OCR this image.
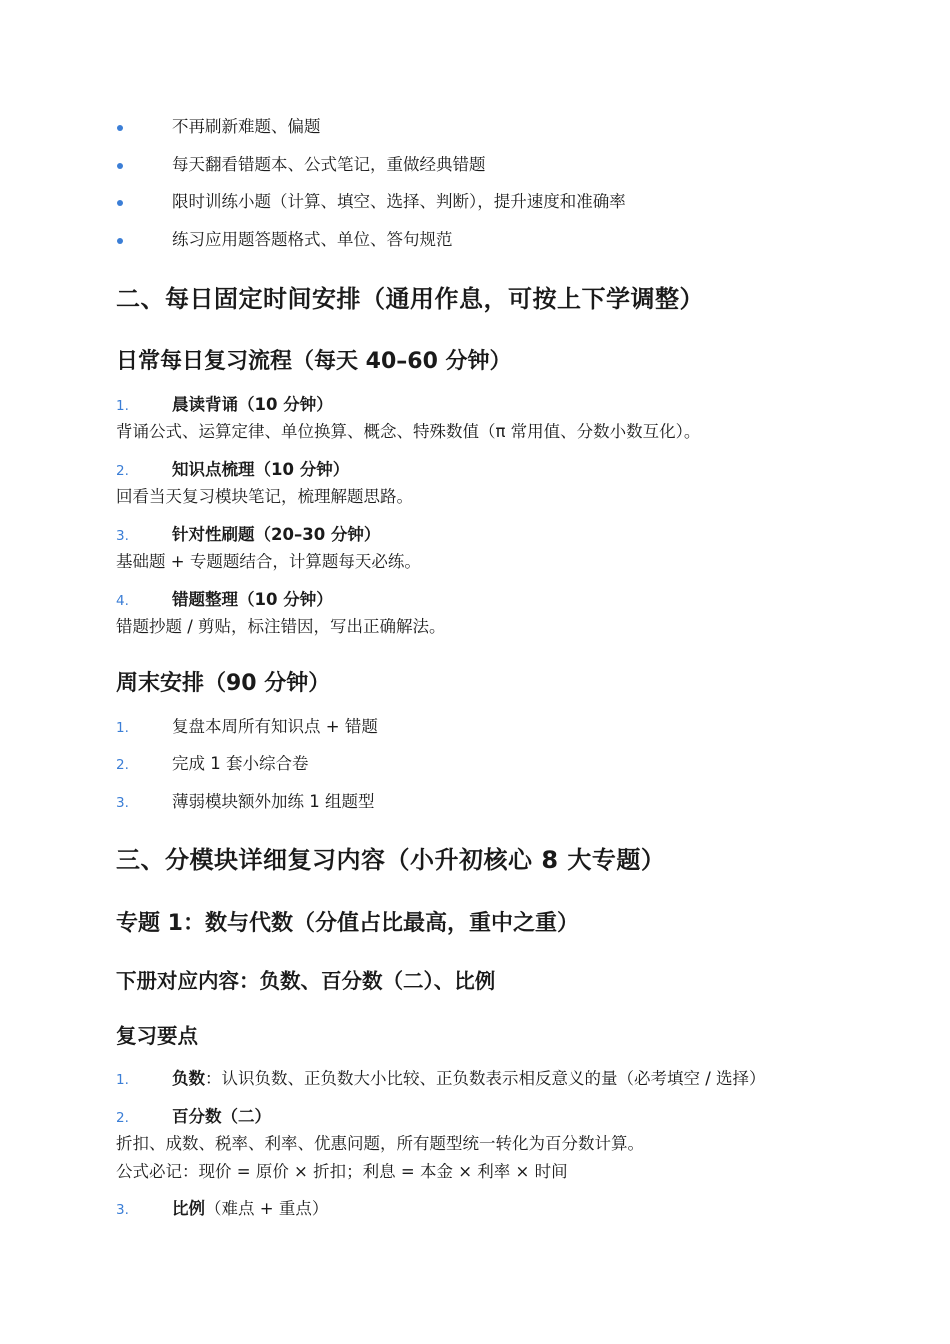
不再刷新难题、偏题
每天翻看错题本、公式笔记，重做经典错题
限时训练小题（计算、填空、选择、判断），提升速度和准确率
练习应用题答题格式、单位、答句规范
二、每日固定时间安排（通用作息，可按上下学调整）
日常每日复习流程（每天 40–60 分钟）
1.	晨读背诵（10 分钟）
背诵公式、运算定律、单位换算、概念、特殊数值（π 常用值、分数小数互化）。
2.	知识点梳理（10 分钟）
回看当天复习模块笔记，梳理解题思路。
3.	针对性刷题（20–30 分钟）
基础题 + 专题题结合，计算题每天必练。
4.	错题整理（10 分钟）
错题抄题 / 剪贴，标注错因，写出正确解法。
周末安排（90 分钟）
1.	复盘本周所有知识点 + 错题
2.	完成 1 套小综合卷
3.	薄弱模块额外加练 1 组题型
三、分模块详细复习内容（小升初核心 8 大专题）
专题 1：数与代数（分值占比最高，重中之重）
下册对应内容：负数、百分数（二）、比例
复习要点
1.	负数：认识负数、正负数大小比较、正负数表示相反意义的量（必考填空 / 选择）
2.	百分数（二）
折扣、成数、税率、利率、优惠问题，所有题型统一转化为百分数计算。
公式必记：现价 = 原价 × 折扣；利息 = 本金 × 利率 × 时间
3.	比例（难点 + 重点）
